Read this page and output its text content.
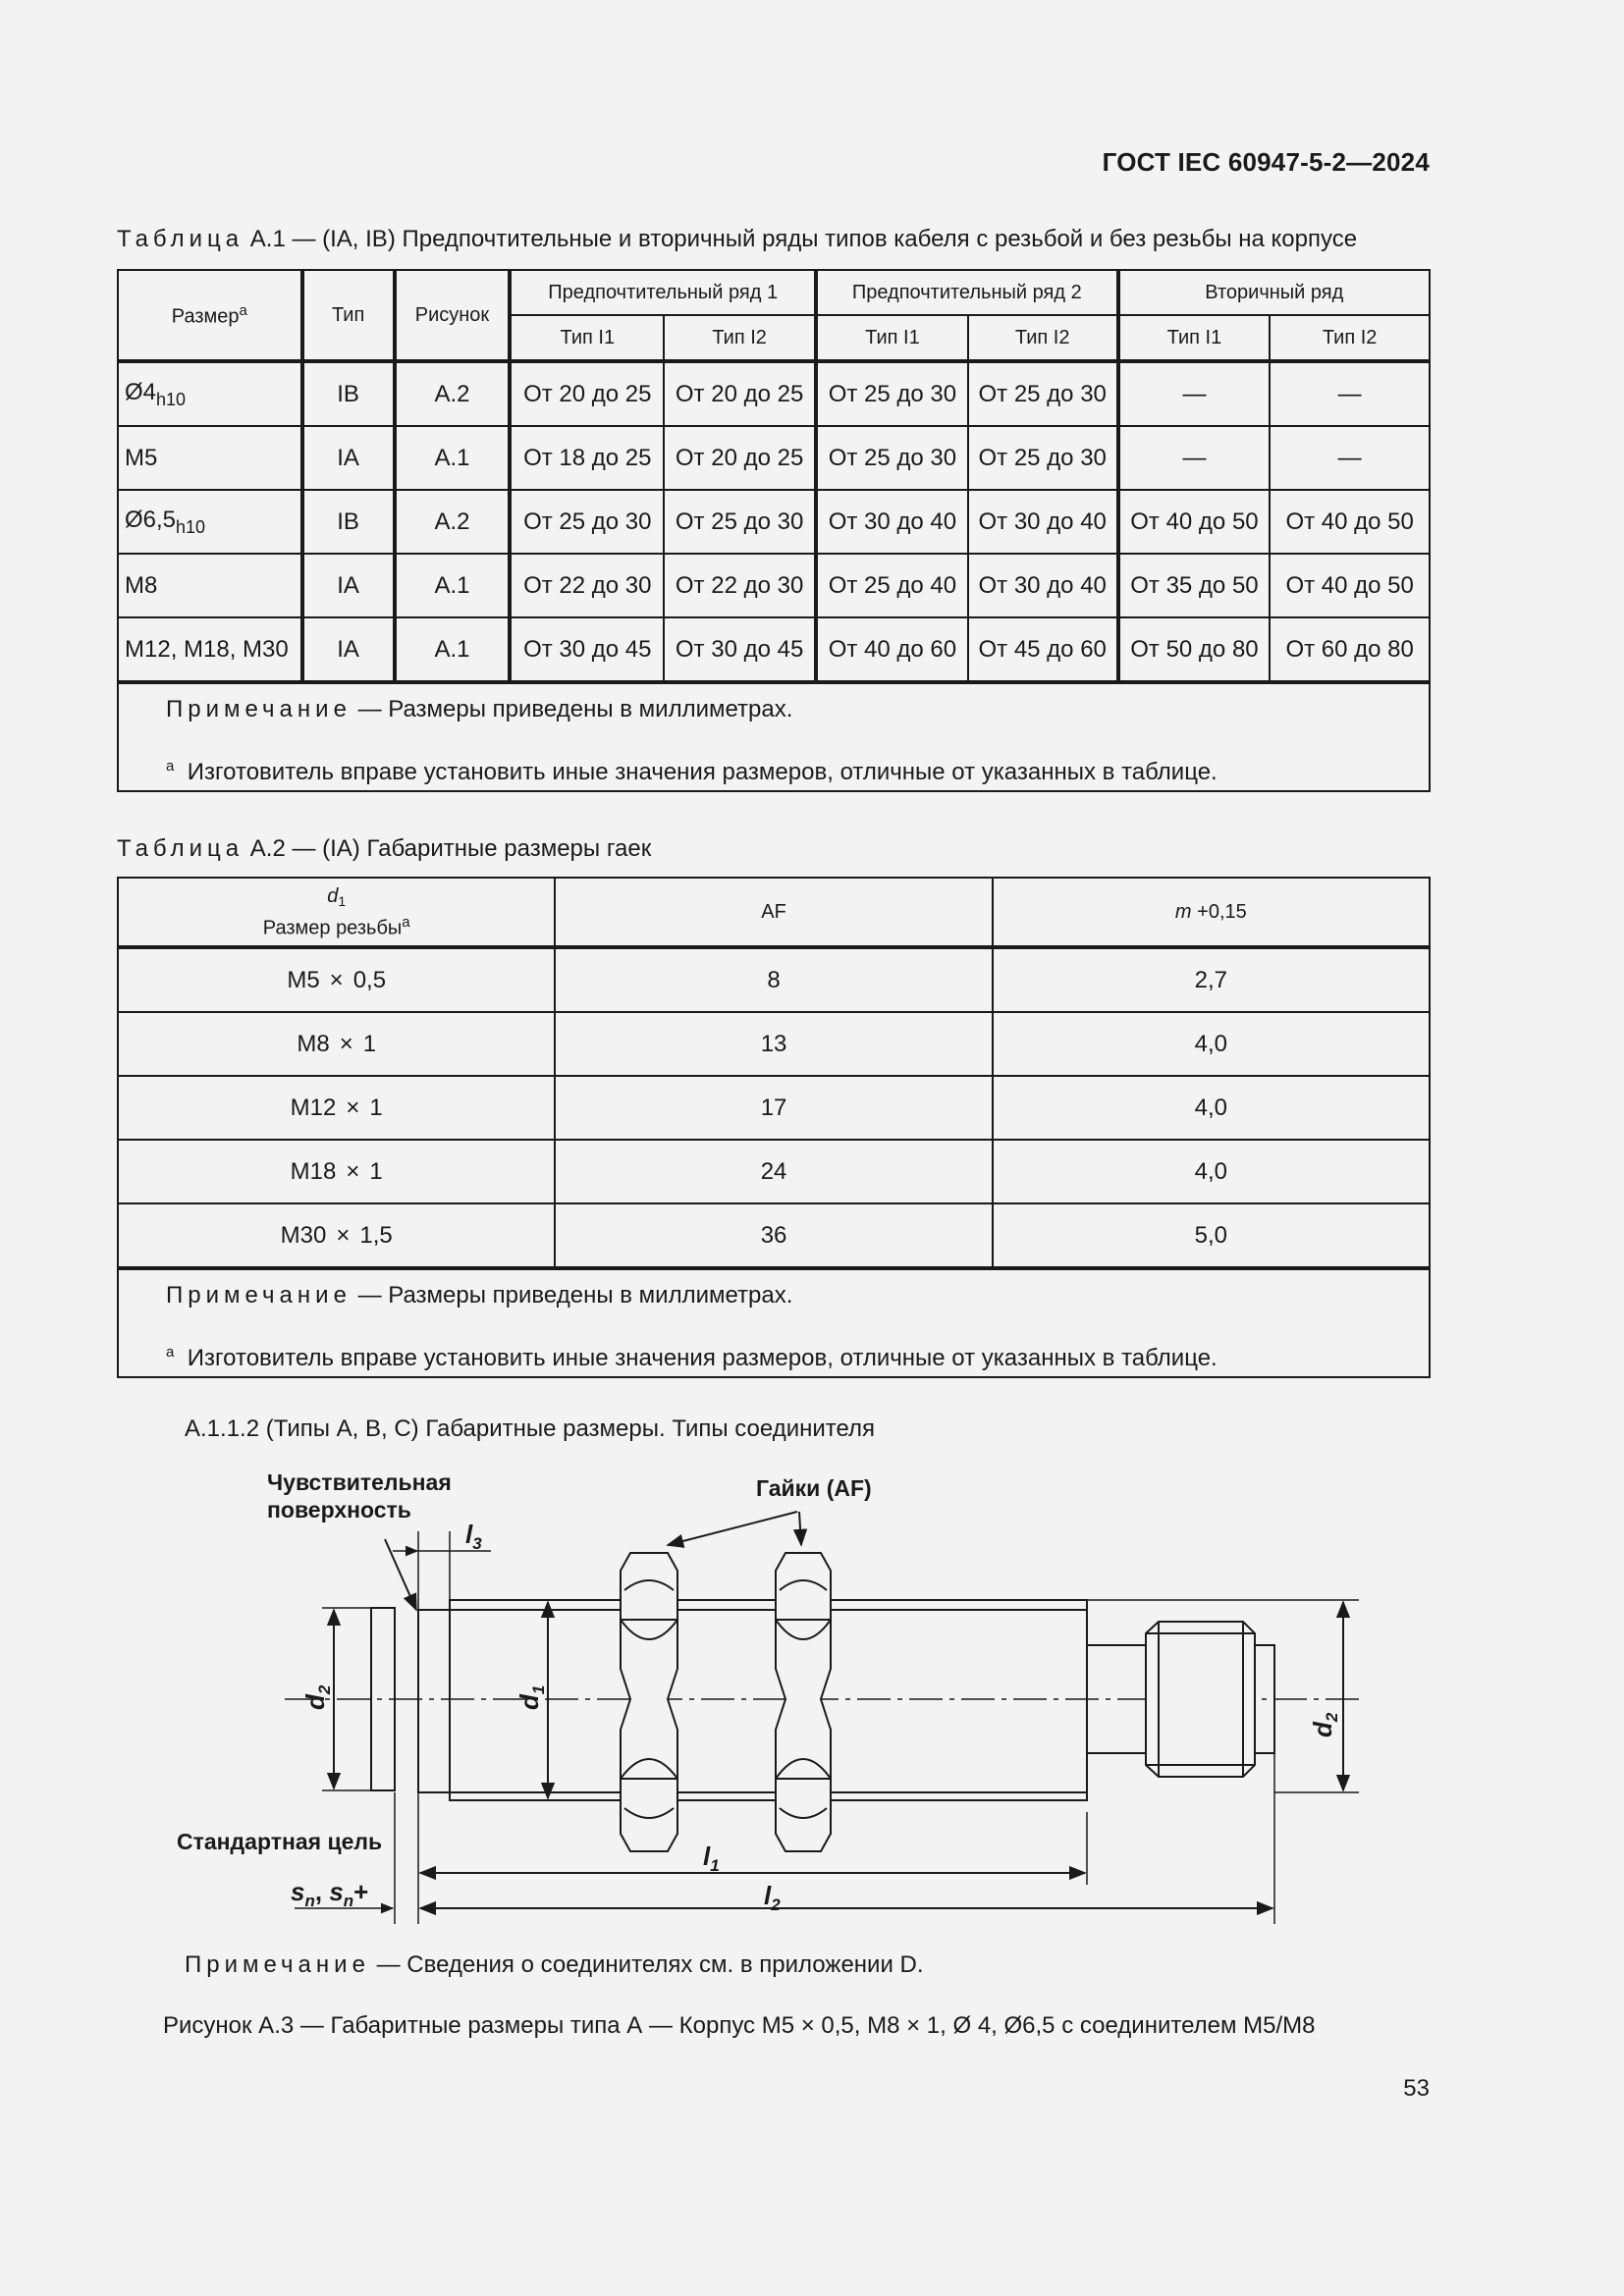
ГОСТ IEC 60947-5-2—2024
Таблица А.1 — (IA, IB) Предпочтительные и вторичный ряды типов кабеля с резьбой и без резьбы на корпусе
Размер$^a$	Тип	Рисунок	Предпочтительный ряд 1		Предпочтительный ряд 2		Вторичный ряд	
			Тип I1	Тип I2	Тип I1	Тип I2	Тип I1	Тип I2
$Ø4_{h10}$	IB	А.2	От 20 до 25	От 20 до 25	От 25 до 30	От 25 до 30	—	—
M5	IA	А.1	От 18 до 25	От 20 до 25	От 25 до 30	От 25 до 30	—	—
$Ø6,5_{h10}$	IB	А.2	От 25 до 30	От 25 до 30	От 30 до 40	От 30 до 40	От 40 до 50	От 40 до 50
M8	IA	А.1	От 22 до 30	От 22 до 30	От 25 до 40	От 30 до 40	От 35 до 50	От 40 до 50
M12, M18, M30	IA	А.1	От 30 до 45	От 30 до 45	От 40 до 60	От 45 до 60	От 50 до 80	От 60 до 80

Примечание — Размеры приведены в миллиметрах.

$^a$ Изготовитель вправе установить иные значения размеров, отличные от указанных в таблице.								

Таблица А.2 — (IA) Габаритные размеры гаек
$d_1$
Размер резьбы$^a$	AF	m +0,15
M5 × 0,5	8	2,7
M8 × 1	13	4,0
M12 × 1	17	4,0
M18 × 1	24	4,0
M30 × 1,5	36	5,0

Примечание — Размеры приведены в миллиметрах.

$^a$ Изготовитель вправе установить иные значения размеров, отличные от указанных в таблице.		

А.1.1.2 (Типы А, В, С) Габаритные размеры. Типы соединителя
Чувствительная
поверхность
Гайки (AF)
Стандартная цель
$l_3$
$l_1$
$l_2$
$d_2$
$d_1$
$d_2$
$s_n$, $s_n+$
Примечание — Сведения о соединителях см. в приложении D.
Рисунок А.3 — Габаритные размеры типа А — Корпус М5 × 0,5, М8 × 1, Ø 4, Ø6,5 с соединителем M5/M8
53
